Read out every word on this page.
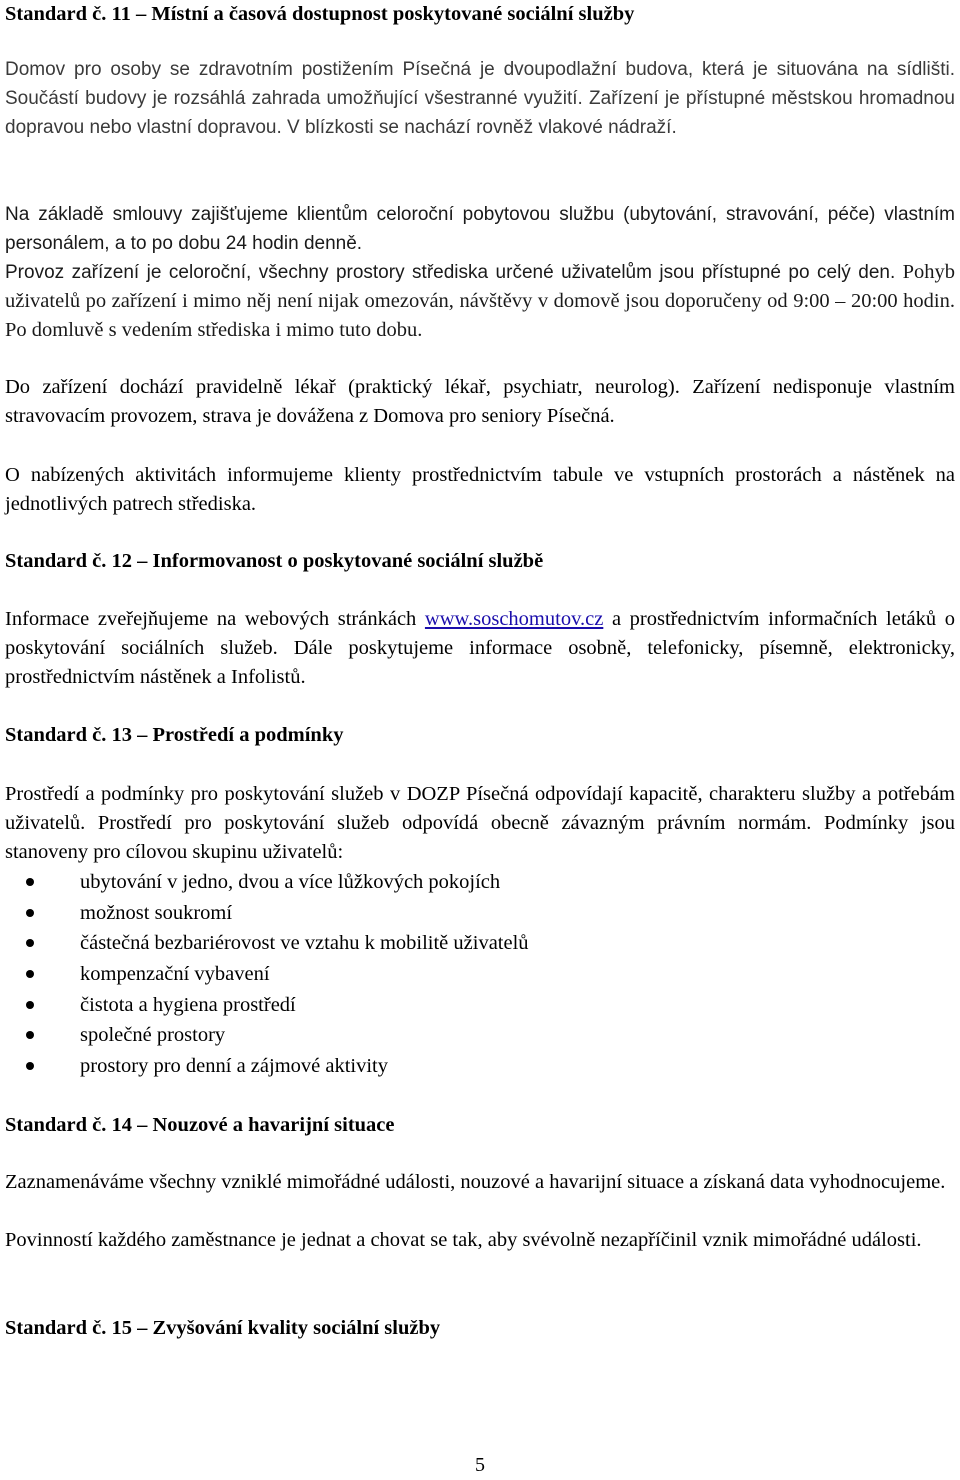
Standard č. 11 – Místní a časová dostupnost poskytované sociální služby

Domov pro osoby se zdravotním postižením Písečná je dvoupodlažní budova, která je situována na sídlišti. Součástí budovy je rozsáhlá zahrada umožňující všestranné využití. Zařízení je přístupné městskou hromadnou dopravou nebo vlastní dopravou. V blízkosti se nachází rovněž vlakové nádraží.

Na základě smlouvy zajišťujeme klientům celoroční pobytovou službu (ubytování, stravování, péče) vlastním personálem, a to po dobu 24 hodin denně.

Provoz zařízení je celoroční, všechny prostory střediska určené uživatelům jsou přístupné po celý den. Pohyb uživatelů po zařízení i mimo něj není nijak omezován, návštěvy v domově jsou doporučeny od 9:00 – 20:00 hodin. Po domluvě s vedením střediska i mimo tuto dobu.

Do zařízení dochází pravidelně lékař (praktický lékař, psychiatr, neurolog). Zařízení nedisponuje vlastním stravovacím provozem, strava je dovážena z Domova pro seniory Písečná.

O nabízených aktivitách informujeme klienty prostřednictvím tabule ve vstupních prostorách a nástěnek na jednotlivých patrech střediska.

Standard č. 12 – Informovanost o poskytované sociální službě

Informace zveřejňujeme na webových stránkách www.soschomutov.cz a prostřednictvím informačních letáků o poskytování sociálních služeb. Dále poskytujeme informace osobně, telefonicky, písemně, elektronicky, prostřednictvím nástěnek a Infolistů.

Standard č. 13 – Prostředí a podmínky

Prostředí a podmínky pro poskytování služeb v DOZP Písečná odpovídají kapacitě, charakteru služby a potřebám uživatelů. Prostředí pro poskytování služeb odpovídá obecně závazným právním normám. Podmínky jsou stanoveny pro cílovou skupinu uživatelů:

ubytování v jedno, dvou a více lůžkových pokojích
možnost soukromí
částečná bezbariérovost ve vztahu k mobilitě uživatelů
kompenzační vybavení
čistota a hygiena prostředí
společné prostory
prostory pro denní a zájmové aktivity
Standard č. 14 – Nouzové a havarijní situace

Zaznamenáváme všechny vzniklé mimořádné události, nouzové a havarijní situace a získaná data vyhodnocujeme.

Povinností každého zaměstnance je jednat a chovat se tak, aby svévolně nezapříčinil vznik mimořádné události.

Standard č. 15 – Zvyšování kvality sociální služby
5
